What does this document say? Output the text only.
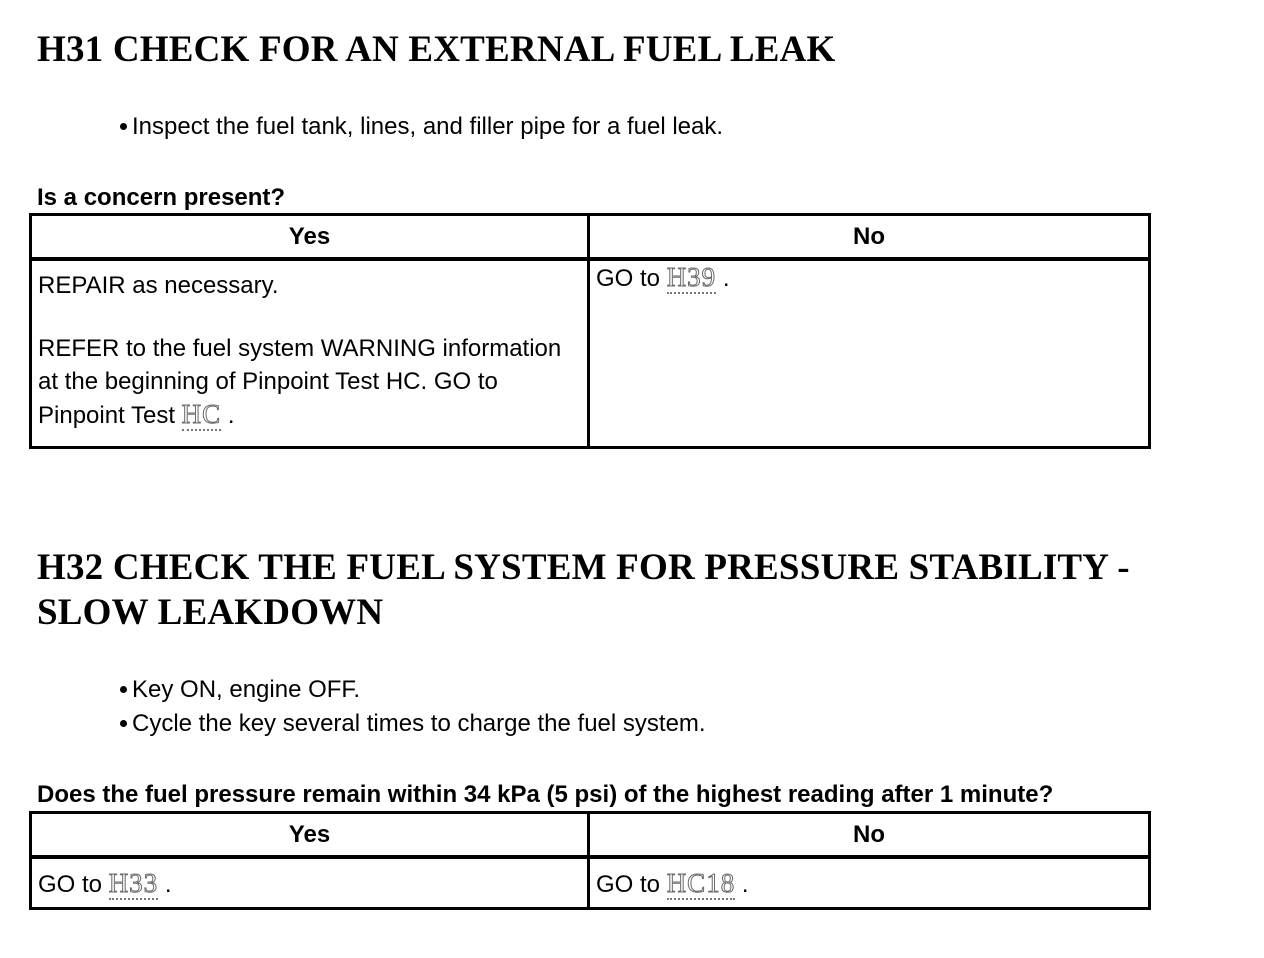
H31 CHECK FOR AN EXTERNAL FUEL LEAK
Inspect the fuel tank, lines, and filler pipe for a fuel leak.

Is a concern present?

Yes	No

REPAIR as necessary.

REFER to the fuel system WARNING information at the beginning of Pinpoint Test HC. GO to Pinpoint Test HC .	GO to H39 .

H32 CHECK THE FUEL SYSTEM FOR PRESSURE STABILITY - SLOW LEAKDOWN
Key ON, engine OFF.
Cycle the key several times to charge the fuel system.

Does the fuel pressure remain within 34 kPa (5 psi) of the highest reading after 1 minute?

Yes	No
GO to H33 .	GO to HC18 .
